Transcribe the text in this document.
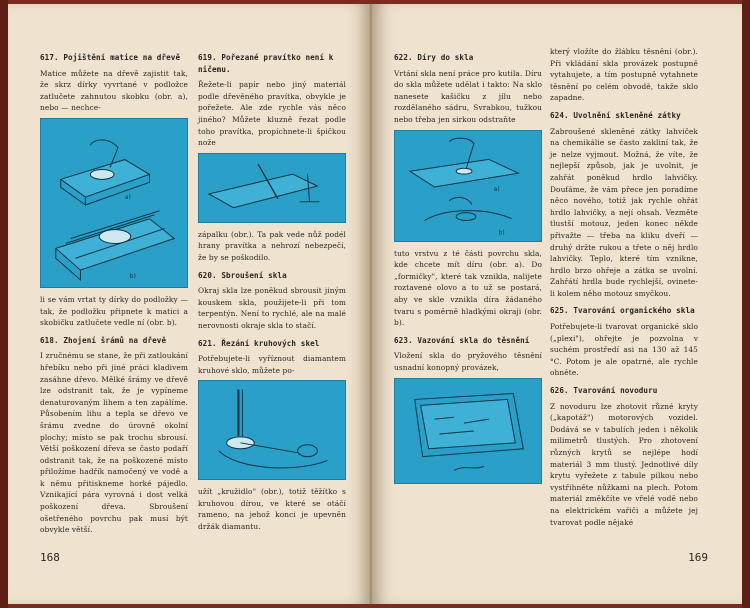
617. Pojištění matice na dřevě

Matice můžete na dřevě zajistit tak, že skrz dírky vyvrtané v podložce zatlučete zahnutou skobku (obr. a), nebo — nechce-

a)
b)

li se vám vrtat ty dírky do podložky — tak, že podložku připnete k matici a skobičku zatlučete vedle ní (obr. b).

618. Zhojení šrámů na dřevě

I zručnému se stane, že při zatloukání hřebíku nebo při jiné práci kladivem zasáhne dřevo. Mělké šrámy ve dřevě lze odstranit tak, že je vypíneme denaturovaným lihem a ten zapálíme. Působením lihu a tepla se dřevo ve šrámu zvedne do úrovně okolní plochy; místo se pak trochu sbrousí. Větší poškození dřeva se často podaří odstranit tak, že na poškozené místo přiložíme hadřík namočený ve vodě a k němu přitiskneme horké pájedlo. Vznikající pára vyrovná i dost velká poškození dřeva. Sbroušení ošetřeného povrchu pak musí být obvykle větší.

619. Pořezané pravítko není k ničemu.

Řežete-li papír nebo jiný materiál podle dřevěného pravítka, obvykle je pořežete. Ale zde rychle vás něco jiného? Můžete kluzně řezat podle toho pravítka, propíchnete-li špičkou nože

zápalku (obr.). Ta pak vede nůž podél hrany pravítka a nehrozí nebezpečí, že by se poškodilo.

620. Sbroušení skla

Okraj skla lze poněkud sbrousit jiným kouskem skla, použijete-li při tom terpentýn. Není to rychlé, ale na malé nerovnosti okraje skla to stačí.

621. Řezání kruhových skel

Potřebujete-li vyříznout diamantem kruhové sklo, můžete po-

užít „kružidlo" (obr.), totiž těžítko s kruhovou dírou, ve které se otáčí rameno, na jehož konci je upevněn držák diamantu.

168
622. Díry do skla

Vrtání skla není práce pro kutila. Díru do skla můžete udělat i takto: Na sklo nanesete kašičku z jílu nebo rozdělaného sádru, Svrabkou, tužkou nebo třeba jen sirkou odstraňte

a)
b)

tuto vrstvu z té části povrchu skla, kde chcete mít díru (obr. a). Do „formičky", které tak vznikla, nalijete roztavené olovo a to už se postará, aby ve skle vznikla díra žádaného tvaru s poměrně hladkými okraji (obr. b).

623. Vazování skla do těsnění

Vložení skla do pryžového těsnění usnadní konopný provázek,

který vložíte do žlábku těsnění (obr.). Při vkládání skla provázek postupně vytahujete, a tím postupně vytahnete těsnění po celém obvodě, takže sklo zapadne.

624. Uvolnění skleněné zátky

Zabroušené skleněné zátky lahviček na chemikálie se často zakliní tak, že je nelze vyjmout. Možná, že víte, že nejlepší způsob, jak je uvolnit, je zahřát poněkud hrdlo lahvičky. Doufáme, že vám přece jen poradíme něco nového, totiž jak rychle ohřát hrdlo lahvičky, a nejí ohsah. Vezměte tlustší motouz, jeden konec někde přivažte — třeba na kliku dveří — druhý držte rukou a třete o něj hrdlo lahvičky. Teplo, které tím vznikne, hrdlo brzo ohřeje a zátka se uvolní. Zahřátí hrdla bude rychlejší, ovinete-li kolem něho motouz smyčkou.

625. Tvarování organického skla

Potřebujete-li tvarovat organické sklo („plexi"), ohřejte je pozvolna v suchém prostředí asi na 130 až 145 °C. Potom je ale opatrné, ale rychle ohněte.

626. Tvarování novoduru

Z novoduru lze zhotovit různé kryty („kapotáž") motorových vozidel. Dodává se v tabulích jeden i několik milimetrů tlustých. Pro zhotovení různých krytů se nejlépe hodí materiál 3 mm tlustý. Jednotlivé díly krytu vyřežete z tabule pilkou nebo vystřihněte nůžkami na plech. Potom materiál změkčíte ve vřelé vodě nebo na elektrickém vařiči a můžete jej tvarovat podle nějaké

169
